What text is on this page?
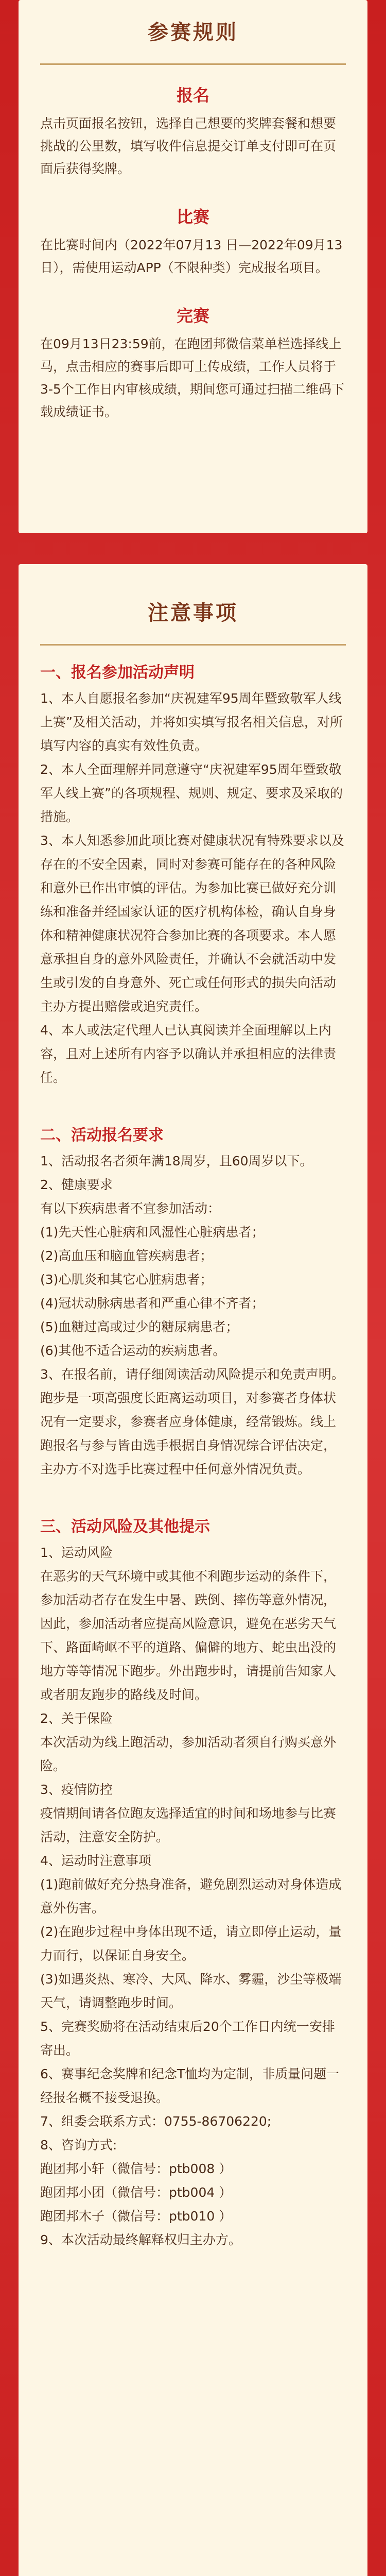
参赛规则
报名
点击页面报名按钮，选择自己想要的奖牌套餐和想要挑战的公里数，填写收件信息提交订单支付即可在页面后获得奖牌。
比赛
在比赛时间内（2022年07月13 日—2022年09月13日），需使用运动APP（不限种类）完成报名项目。
完赛
在09月13日23:59前，在跑团邦微信菜单栏选择线上马，点击相应的赛事后即可上传成绩，工作人员将于3-5个工作日内审核成绩，期间您可通过扫描二维码下载成绩证书。
注意事项
一、报名参加活动声明
1、本人自愿报名参加“庆祝建军95周年暨致敬军人线上赛”及相关活动，并将如实填写报名相关信息，对所填写内容的真实有效性负责。
2、本人全面理解并同意遵守“庆祝建军95周年暨致敬军人线上赛”的各项规程、规则、规定、要求及采取的措施。
3、本人知悉参加此项比赛对健康状况有特殊要求以及存在的不安全因素，同时对参赛可能存在的各种风险和意外已作出审慎的评估。为参加比赛已做好充分训练和准备并经国家认证的医疗机构体检，确认自身身体和精神健康状况符合参加比赛的各项要求。本人愿意承担自身的意外风险责任，并确认不会就活动中发生或引发的自身意外、死亡或任何形式的损失向活动主办方提出赔偿或追究责任。
4、本人或法定代理人已认真阅读并全面理解以上内容，且对上述所有内容予以确认并承担相应的法律责任。
二、活动报名要求
1、活动报名者须年满18周岁，且60周岁以下。
2、健康要求
有以下疾病患者不宜参加活动：
(1)先天性心脏病和风湿性心脏病患者；
(2)高血压和脑血管疾病患者；
(3)心肌炎和其它心脏病患者；
(4)冠状动脉病患者和严重心律不齐者；
(5)血糖过高或过少的糖尿病患者；
(6)其他不适合运动的疾病患者。
3、在报名前，请仔细阅读活动风险提示和免责声明。
跑步是一项高强度长距离运动项目，对参赛者身体状况有一定要求，参赛者应身体健康，经常锻炼。线上跑报名与参与皆由选手根据自身情况综合评估决定，主办方不对选手比赛过程中任何意外情况负责。
三、活动风险及其他提示
1、运动风险
在恶劣的天气环境中或其他不利跑步运动的条件下，参加活动者存在发生中暑、跌倒、摔伤等意外情况，因此，参加活动者应提高风险意识，避免在恶劣天气下、路面崎岖不平的道路、偏僻的地方、蛇虫出没的地方等等情况下跑步。外出跑步时，请提前告知家人或者朋友跑步的路线及时间。
2、关于保险
本次活动为线上跑活动，参加活动者须自行购买意外险。
3、疫情防控
疫情期间请各位跑友选择适宜的时间和场地参与比赛活动，注意安全防护。
4、运动时注意事项
(1)跑前做好充分热身准备，避免剧烈运动对身体造成意外伤害。
(2)在跑步过程中身体出现不适，请立即停止运动，量力而行，以保证自身安全。
(3)如遇炎热、寒冷、大风、降水、雾霾，沙尘等极端天气，请调整跑步时间。
5、完赛奖励将在活动结束后20个工作日内统一安排寄出。
6、赛事纪念奖牌和纪念T恤均为定制，非质量问题一经报名概不接受退换。
7、组委会联系方式：0755-86706220;
8、咨询方式:
跑团邦小轩（微信号：ptb008 ）
跑团邦小团（微信号：ptb004 ）
跑团邦木子（微信号：ptb010 ）
9、本次活动最终解释权归主办方。
